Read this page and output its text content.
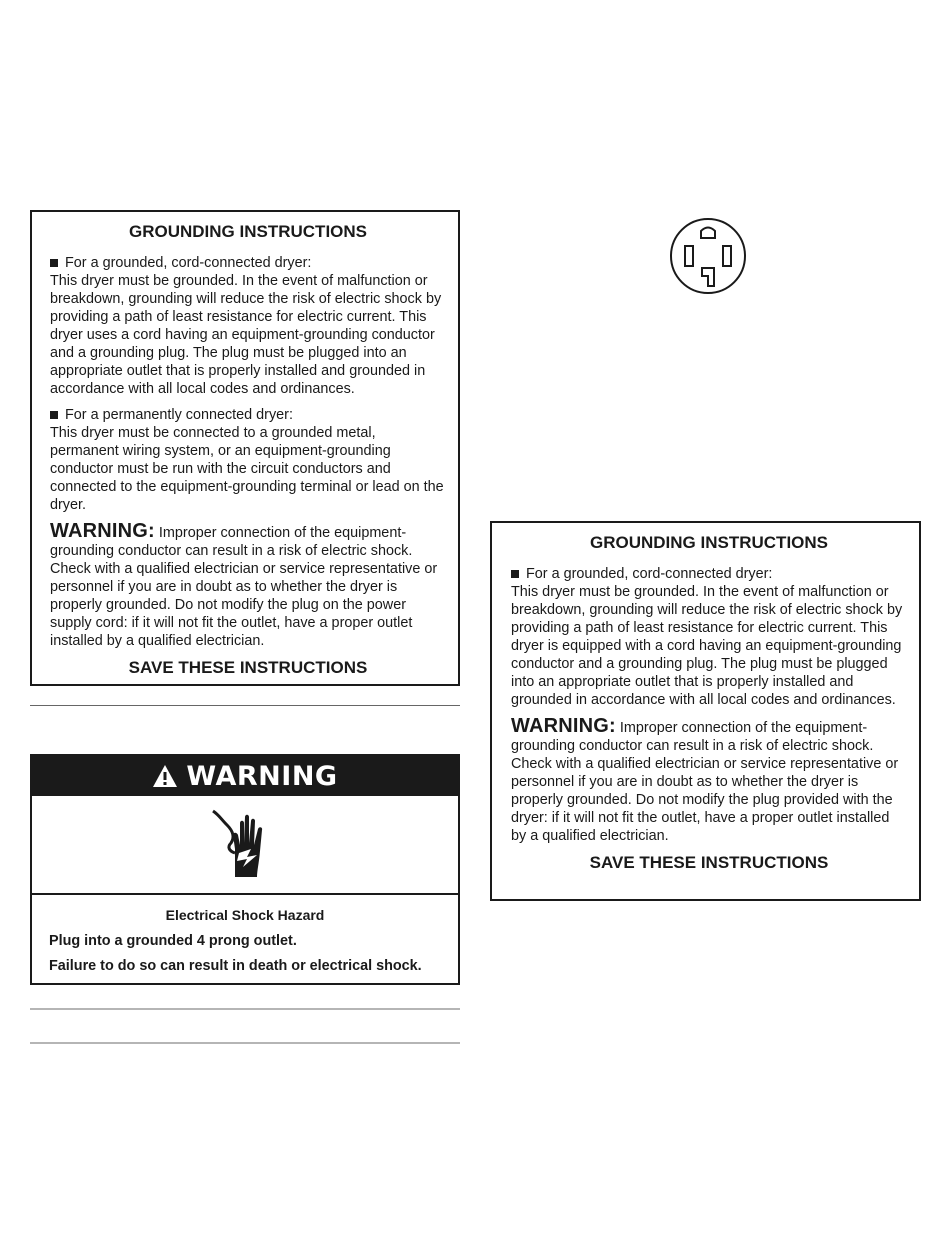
GROUNDING INSTRUCTIONS

For a grounded, cord-connected dryer:

This dryer must be grounded. In the event of malfunction or breakdown, grounding will reduce the risk of electric shock by providing a path of least resistance for electric current. This dryer uses a cord having an equipment-grounding conductor and a grounding plug. The plug must be plugged into an appropriate outlet that is properly installed and grounded in accordance with all local codes and ordinances.

For a permanently connected dryer:

This dryer must be connected to a grounded metal, permanent wiring system, or an equipment-grounding conductor must be run with the circuit conductors and connected to the equipment-grounding terminal or lead on the dryer.

WARNING: Improper connection of the equipment-grounding conductor can result in a risk of electric shock. Check with a qualified electrician or service representative or personnel if you are in doubt as to whether the dryer is properly grounded. Do not modify the plug on the power supply cord: if it will not fit the outlet, have a proper outlet installed by a qualified electrician.

SAVE THESE INSTRUCTIONS

WARNING

Electrical Shock Hazard

Plug into a grounded 4 prong outlet.

Failure to do so can result in death or electrical shock.

GROUNDING INSTRUCTIONS

For a grounded, cord-connected dryer:

This dryer must be grounded. In the event of malfunction or breakdown, grounding will reduce the risk of electric shock by providing a path of least resistance for electric current. This dryer is equipped with a cord having an equipment-grounding conductor and a grounding plug. The plug must be plugged into an appropriate outlet that is properly installed and grounded in accordance with all local codes and ordinances.

WARNING: Improper connection of the equipment-grounding conductor can result in a risk of electric shock. Check with a qualified electrician or service representative or personnel if you are in doubt as to whether the dryer is properly grounded. Do not modify the plug provided with the dryer: if it will not fit the outlet, have a proper outlet installed by a qualified electrician.

SAVE THESE INSTRUCTIONS
